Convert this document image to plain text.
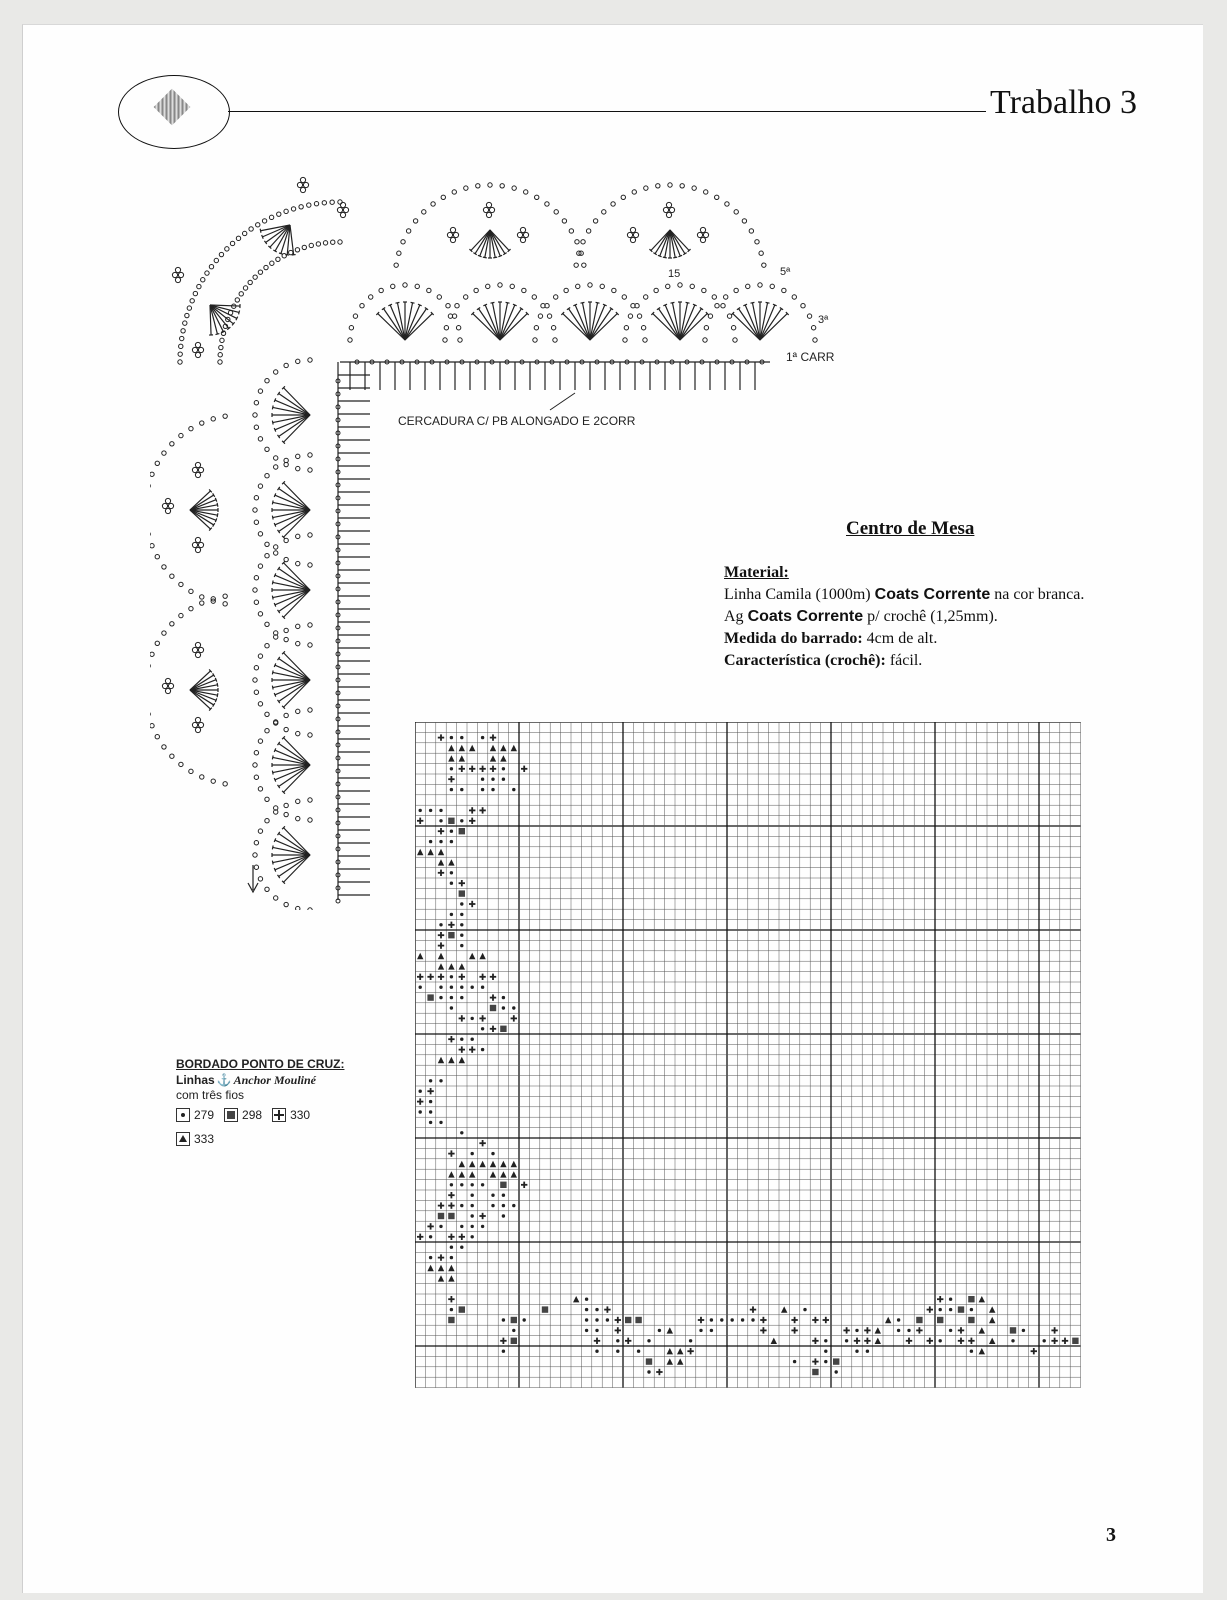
Trabalho 3
5ª
3ª
1ª CARR
15
CERCADURA C/ PB ALONGADO E 2CORR
Centro de Mesa
Material:
Linha Camila (1000m) Coats Corrente na cor branca.
Ag Coats Corrente p/ crochê (1,25mm).
Medida do barrado: 4cm de alt.
Característica (crochê): fácil.
BORDADO PONTO DE CRUZ:
Linhas ⚓ Anchor Mouliné
com três fios
279 298 330
333
3
